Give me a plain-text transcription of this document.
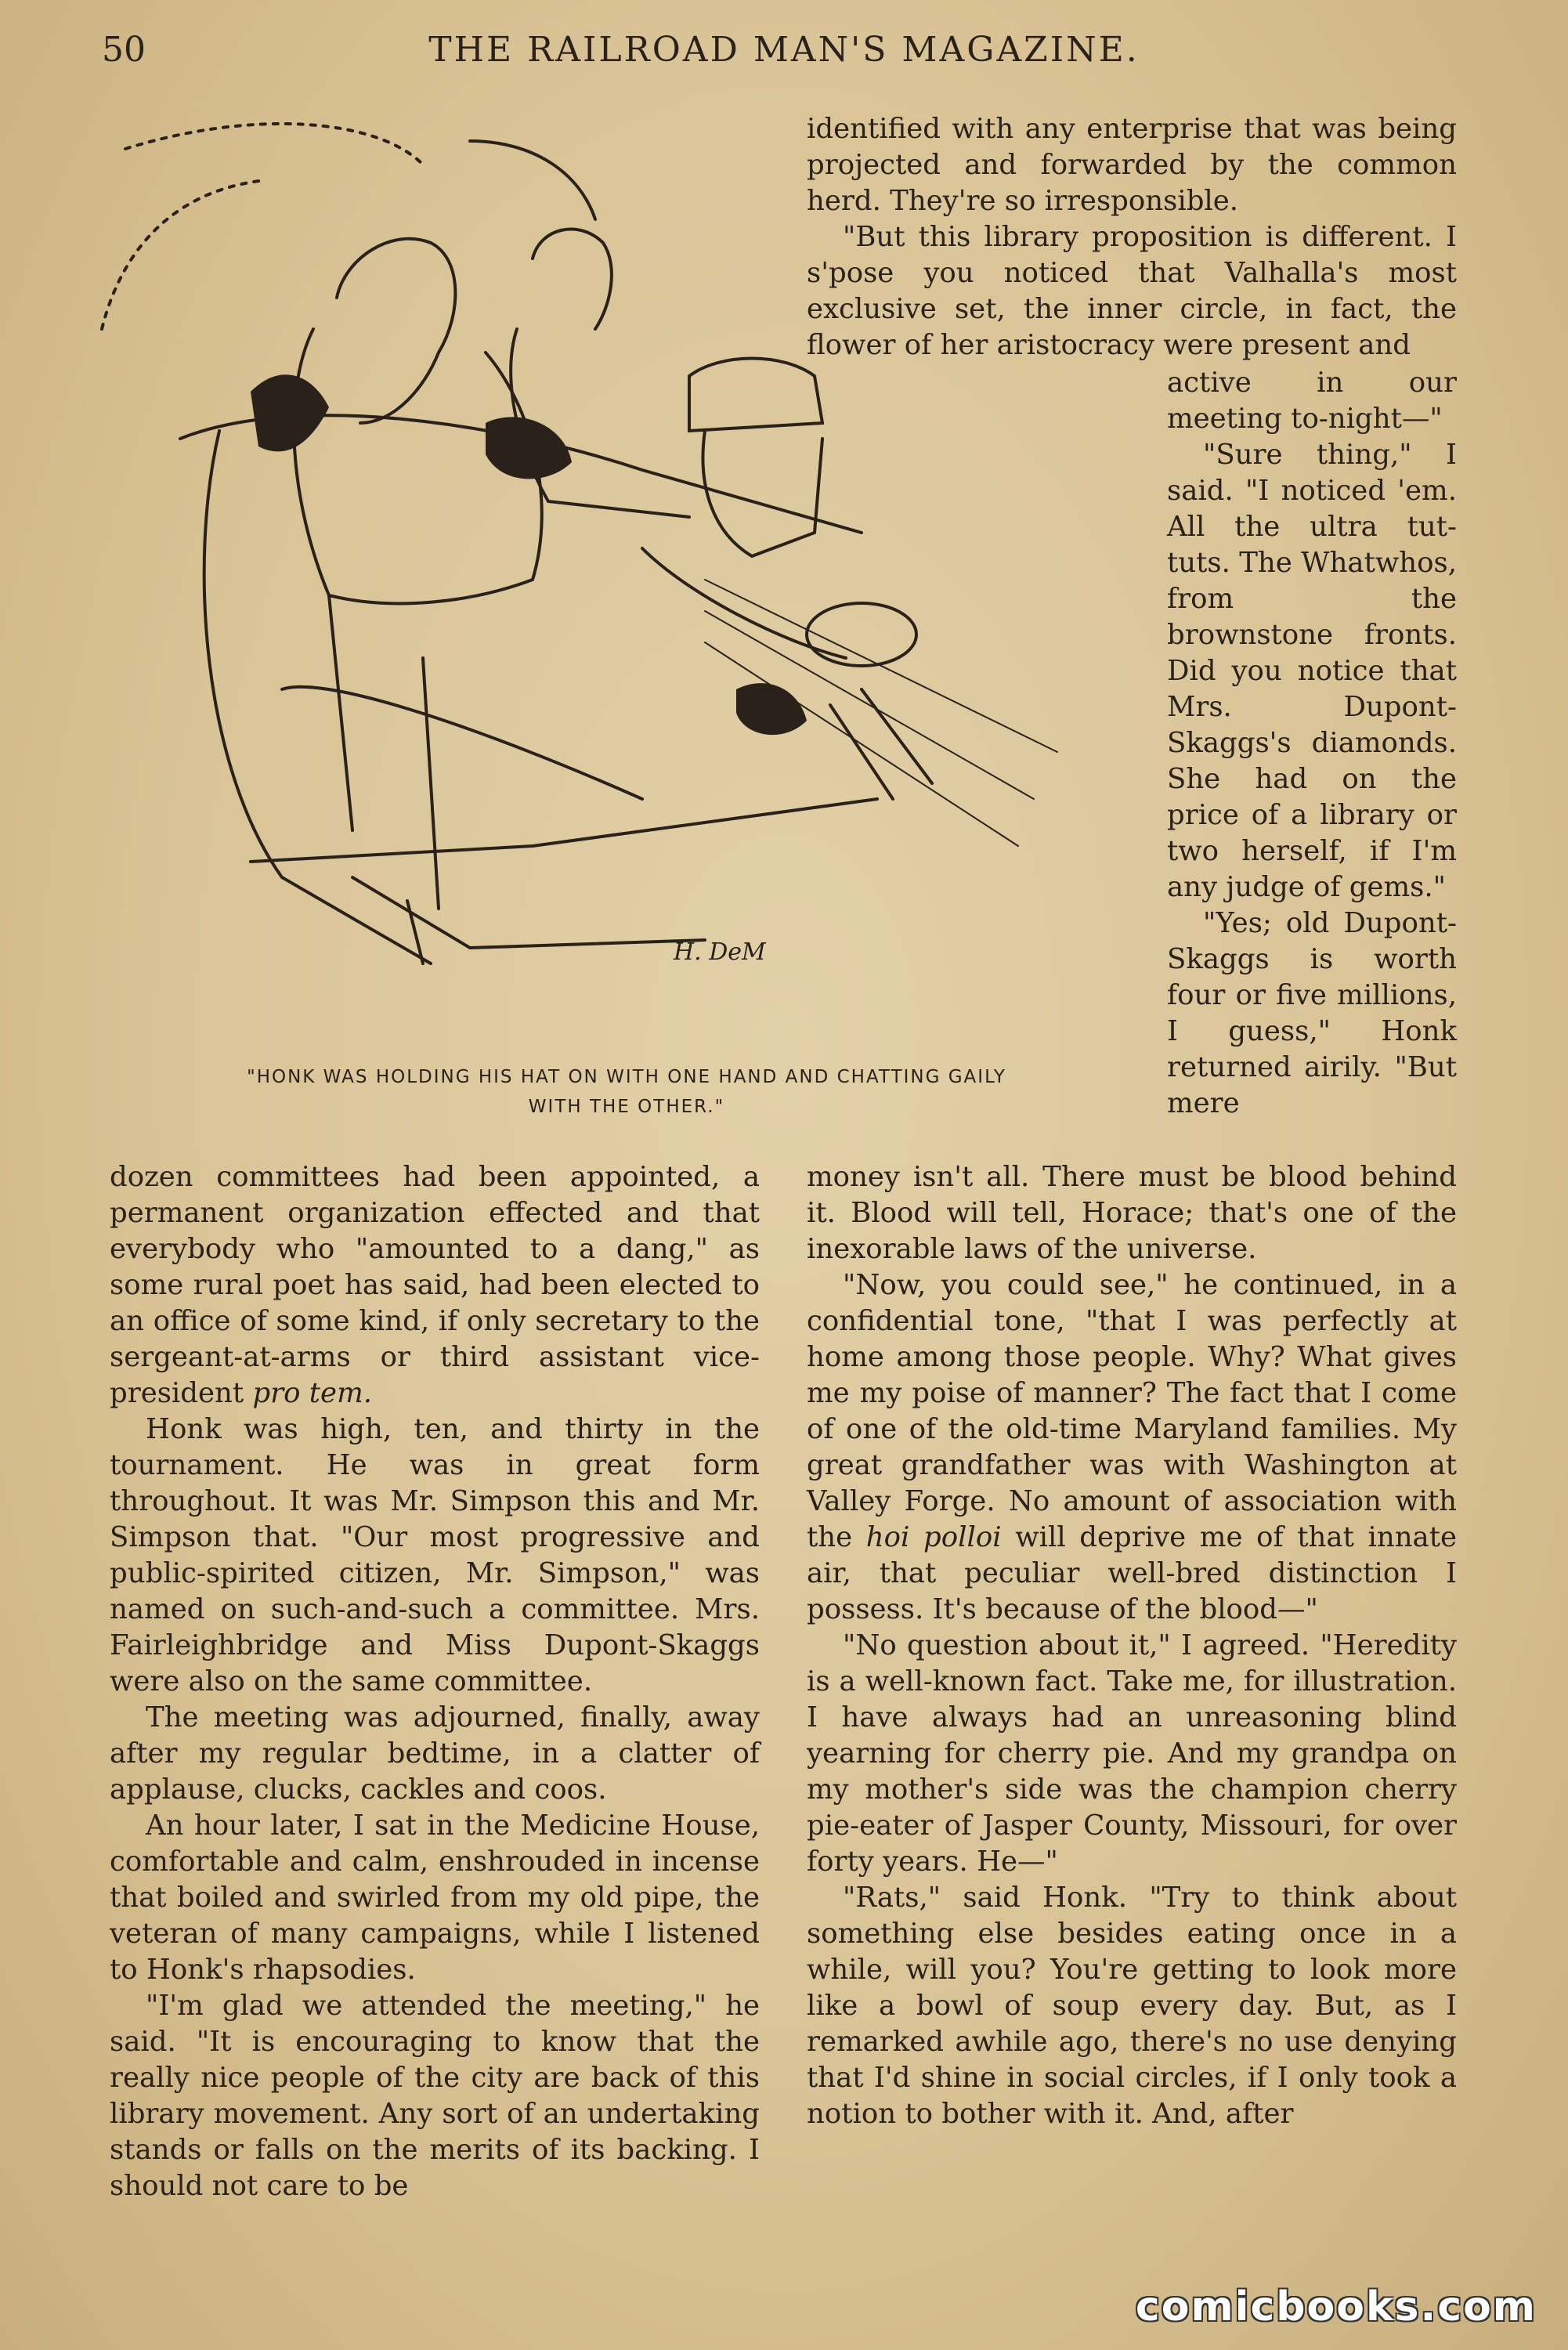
50	THE RAILROAD MAN'S MAGAZINE.

identified with any enterprise that was being projected and forwarded by the common herd. They're so irresponsible.

"But this library proposition is different. I s'pose you noticed that Valhalla's most exclusive set, the inner circle, in fact, the flower of her aristocracy were present and

active in our meeting to-night—"

"Sure thing," I said. "I noticed 'em. All the ultra tut-tuts. The Whatwhos, from the brownstone fronts. Did you notice that Mrs. Dupont-Skaggs's diamonds. She had on the price of a library or two herself, if I'm any judge of gems."

"Yes; old Dupont-Skaggs is worth four or five millions, I guess," Honk returned airily. "But mere

H. DeM
"HONK WAS HOLDING HIS HAT ON WITH ONE HAND AND CHATTING GAILY
WITH THE OTHER."

dozen committees had been appointed, a permanent organization effected and that everybody who "amounted to a dang," as some rural poet has said, had been elected to an office of some kind, if only secretary to the sergeant-at-arms or third assistant vice-president pro tem.

Honk was high, ten, and thirty in the tournament. He was in great form throughout. It was Mr. Simpson this and Mr. Simpson that. "Our most progressive and public-spirited citizen, Mr. Simpson," was named on such-and-such a committee. Mrs. Fairleighbridge and Miss Dupont-Skaggs were also on the same committee.

The meeting was adjourned, finally, away after my regular bedtime, in a clatter of applause, clucks, cackles and coos.

An hour later, I sat in the Medicine House, comfortable and calm, enshrouded in incense that boiled and swirled from my old pipe, the veteran of many campaigns, while I listened to Honk's rhapsodies.

"I'm glad we attended the meeting," he said. "It is encouraging to know that the really nice people of the city are back of this library movement. Any sort of an undertaking stands or falls on the merits of its backing. I should not care to be

money isn't all. There must be blood behind it. Blood will tell, Horace; that's one of the inexorable laws of the universe.

"Now, you could see," he continued, in a confidential tone, "that I was perfectly at home among those people. Why? What gives me my poise of manner? The fact that I come of one of the old-time Maryland families. My great grandfather was with Washington at Valley Forge. No amount of association with the hoi polloi will deprive me of that innate air, that peculiar well-bred distinction I possess. It's because of the blood—"

"No question about it," I agreed. "Heredity is a well-known fact. Take me, for illustration. I have always had an unreasoning blind yearning for cherry pie. And my grandpa on my mother's side was the champion cherry pie-eater of Jasper County, Missouri, for over forty years. He—"

"Rats," said Honk. "Try to think about something else besides eating once in a while, will you? You're getting to look more like a bowl of soup every day. But, as I remarked awhile ago, there's no use denying that I'd shine in social circles, if I only took a notion to bother with it. And, after

comicbooks.com
